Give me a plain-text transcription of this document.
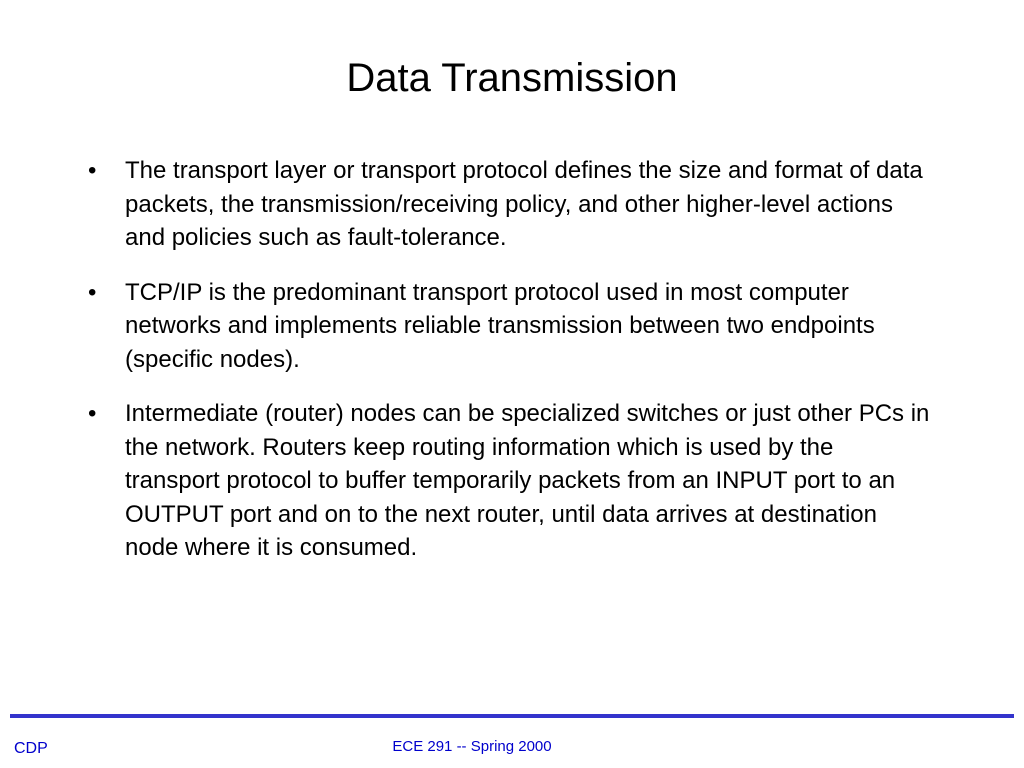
Data Transmission
• The transport layer or transport protocol defines the size and format of data packets, the transmission/receiving policy, and other higher-level actions and policies such as fault-tolerance.
• TCP/IP is the predominant transport protocol used in most computer networks and implements reliable transmission between two endpoints (specific nodes).
• Intermediate (router) nodes can be specialized switches or just other PCs in the network. Routers keep routing information which is used by the transport protocol to buffer temporarily packets from an INPUT port to an OUTPUT port and on to the next router, until data arrives at destination node where it is consumed.
CDP	ECE 291 -- Spring 2000
